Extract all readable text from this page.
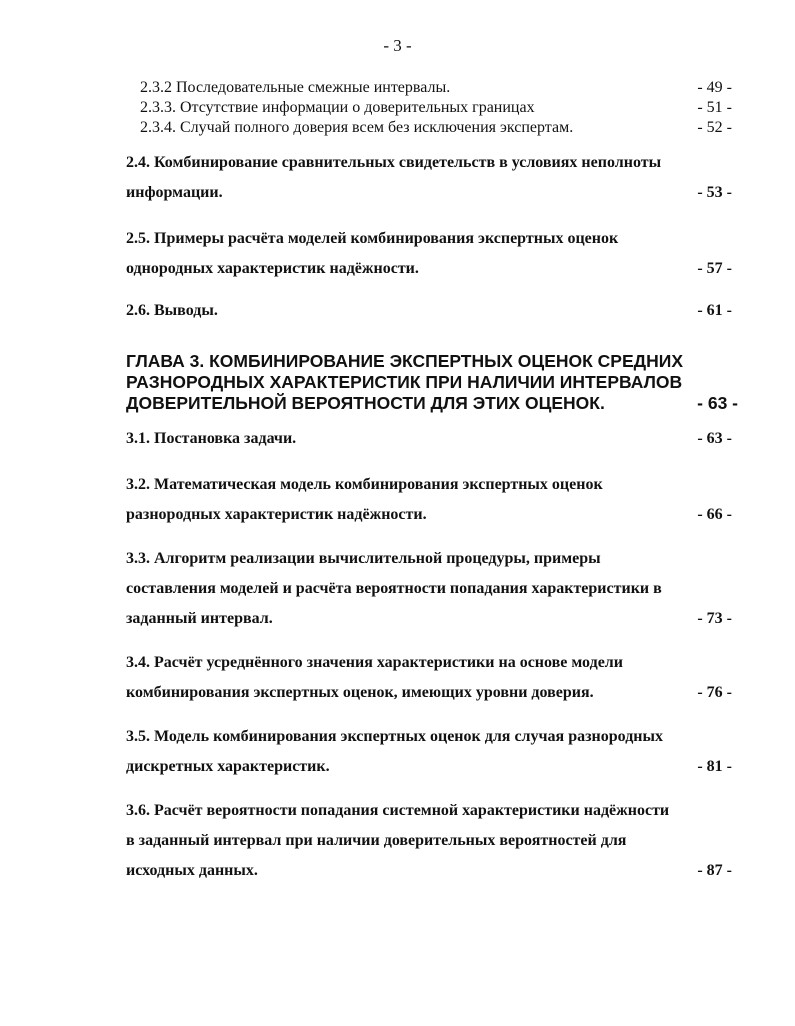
- 3 -
2.3.2 Последовательные смежные интервалы.	- 49 -
2.3.3. Отсутствие информации о доверительных границах	- 51 -
2.3.4. Случай полного доверия всем без исключения экспертам.	- 52 -
2.4. Комбинирование сравнительных свидетельств в условиях неполноты
информации.	- 53 -
2.5. Примеры расчёта моделей комбинирования экспертных оценок
однородных характеристик надёжности.	- 57 -
2.6. Выводы.	- 61 -
ГЛАВА 3. КОМБИНИРОВАНИЕ ЭКСПЕРТНЫХ ОЦЕНОК СРЕДНИХ
РАЗНОРОДНЫХ ХАРАКТЕРИСТИК ПРИ НАЛИЧИИ ИНТЕРВАЛОВ
ДОВЕРИТЕЛЬНОЙ ВЕРОЯТНОСТИ ДЛЯ ЭТИХ ОЦЕНОК.	- 63 -
3.1. Постановка задачи.	- 63 -
3.2. Математическая модель комбинирования экспертных оценок
разнородных характеристик надёжности.	- 66 -
3.3. Алгоритм реализации вычислительной процедуры, примеры
составления моделей и расчёта вероятности попадания характеристики в
заданный интервал.	- 73 -
3.4. Расчёт усреднённого значения характеристики на основе модели
комбинирования экспертных оценок, имеющих уровни доверия.	- 76 -
3.5. Модель комбинирования экспертных оценок для случая разнородных
дискретных характеристик.	- 81 -
3.6. Расчёт вероятности попадания системной характеристики надёжности
в заданный интервал при наличии доверительных вероятностей для
исходных данных.	- 87 -
